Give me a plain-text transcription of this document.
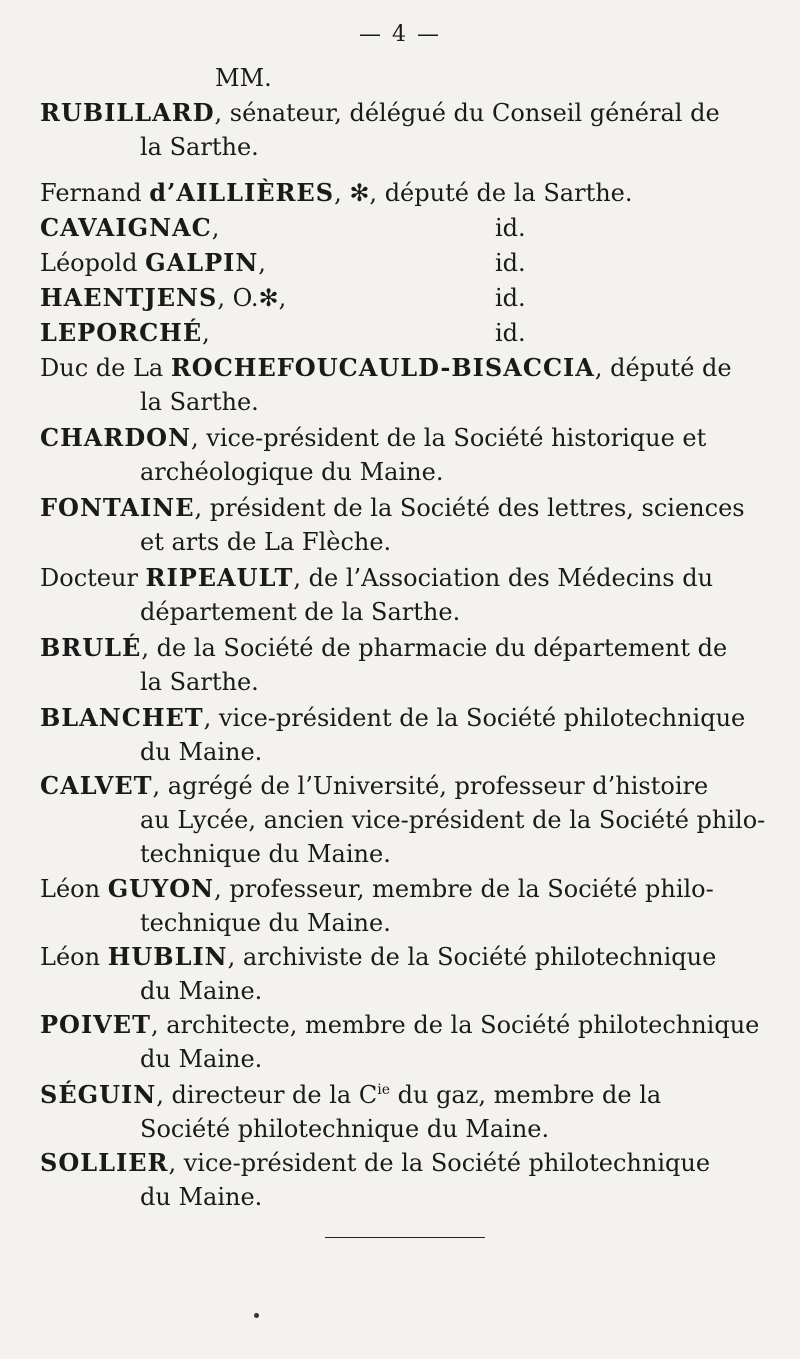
— 4 —
MM.
RUBILLARD, sénateur, délégué du Conseil général de
la Sarthe.
Fernand d’AILLIÈRES, ✻, député de la Sarthe.
CAVAIGNAC,	id.
Léopold GALPIN,	id.
HAENTJENS, O.✻,	id.
LEPORCHÉ,	id.
Duc de La ROCHEFOUCAULD-BISACCIA, député de
la Sarthe.
CHARDON, vice-président de la Société historique et
archéologique du Maine.
FONTAINE, président de la Société des lettres, sciences
et arts de La Flèche.
Docteur RIPEAULT, de l’Association des Médecins du
département de la Sarthe.
BRULÉ, de la Société de pharmacie du département de
la Sarthe.
BLANCHET, vice-président de la Société philotechnique
du Maine.
CALVET, agrégé de l’Université, professeur d’histoire
au Lycée, ancien vice-président de la Société philo-
technique du Maine.
Léon GUYON, professeur, membre de la Société philo-
technique du Maine.
Léon HUBLIN, archiviste de la Société philotechnique
du Maine.
POIVET, architecte, membre de la Société philotechnique
du Maine.
SÉGUIN, directeur de la $C^{ie}$ du gaz, membre de la
Société philotechnique du Maine.
SOLLIER, vice-président de la Société philotechnique
du Maine.
